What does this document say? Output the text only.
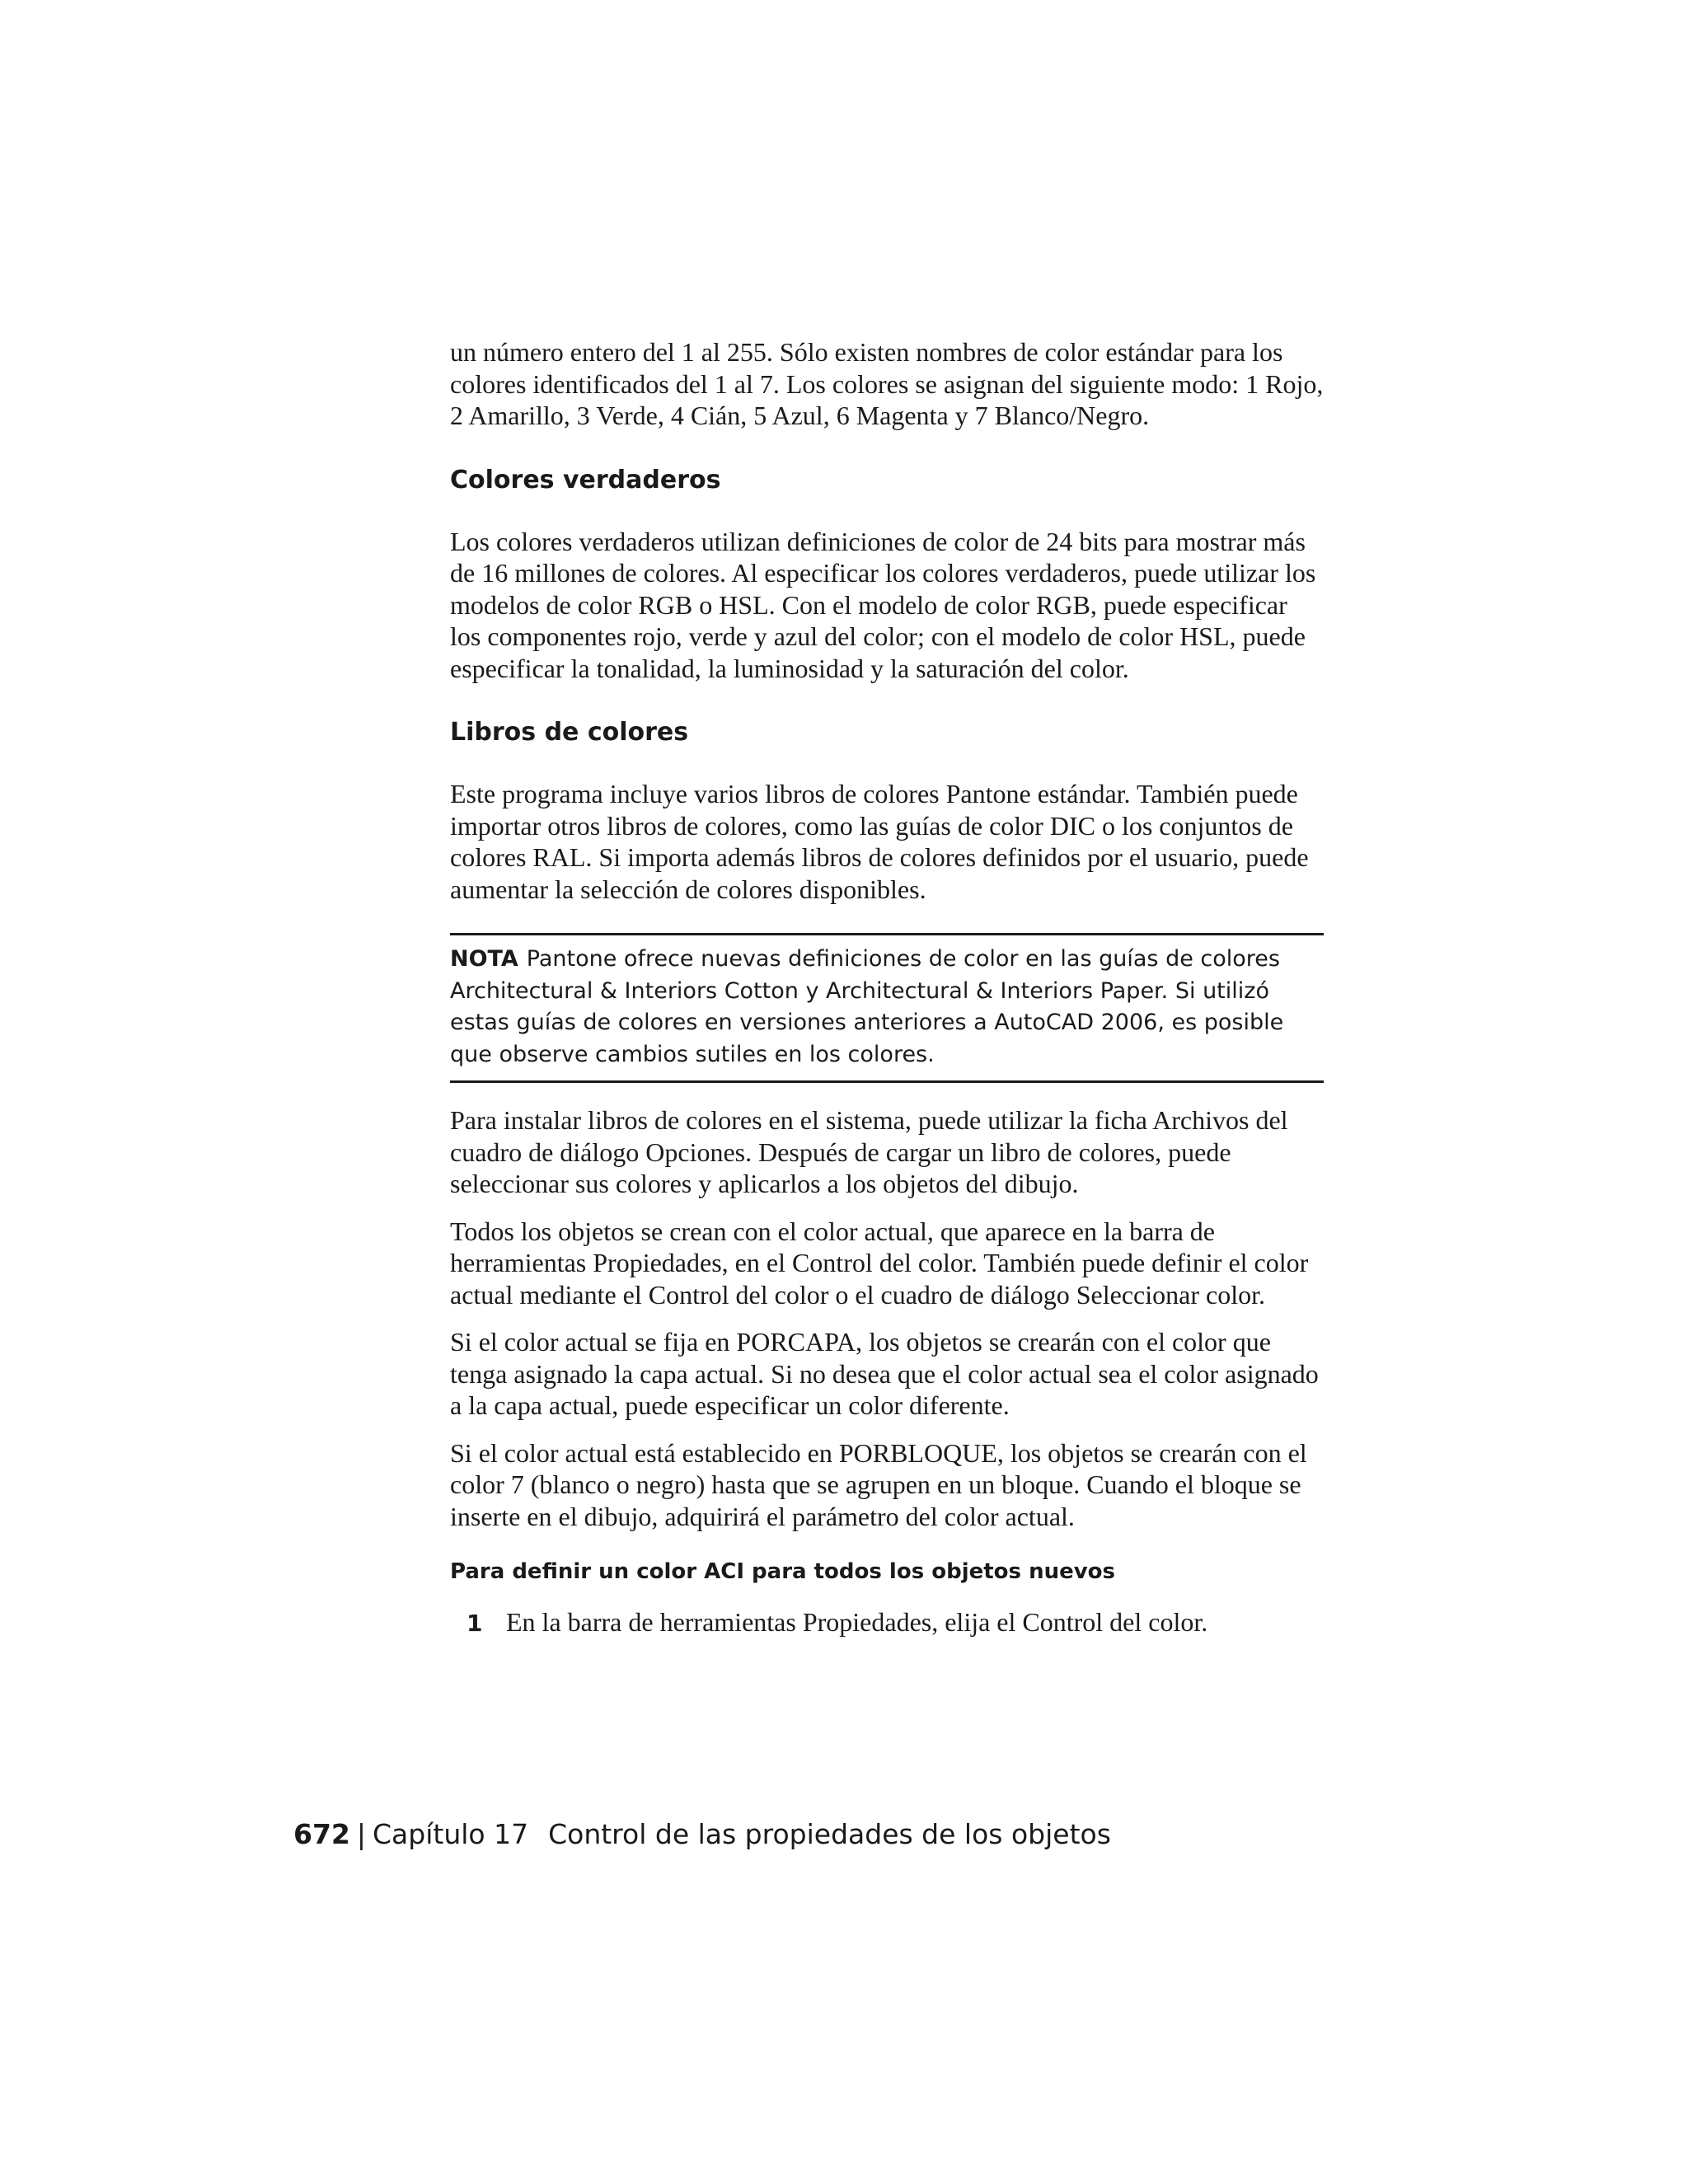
un número entero del 1 al 255. Sólo existen nombres de color estándar para los colores identificados del 1 al 7. Los colores se asignan del siguiente modo: 1 Rojo, 2 Amarillo, 3 Verde, 4 Cián, 5 Azul, 6 Magenta y 7 Blanco/Negro.

Colores verdaderos

Los colores verdaderos utilizan definiciones de color de 24 bits para mostrar más de 16 millones de colores. Al especificar los colores verdaderos, puede utilizar los modelos de color RGB o HSL. Con el modelo de color RGB, puede especificar los componentes rojo, verde y azul del color; con el modelo de color HSL, puede especificar la tonalidad, la luminosidad y la saturación del color.

Libros de colores

Este programa incluye varios libros de colores Pantone estándar. También puede importar otros libros de colores, como las guías de color DIC o los conjuntos de colores RAL. Si importa además libros de colores definidos por el usuario, puede aumentar la selección de colores disponibles.

NOTA Pantone ofrece nuevas definiciones de color en las guías de colores Architectural & Interiors Cotton y Architectural & Interiors Paper. Si utilizó estas guías de colores en versiones anteriores a AutoCAD 2006, es posible que observe cambios sutiles en los colores.

Para instalar libros de colores en el sistema, puede utilizar la ficha Archivos del cuadro de diálogo Opciones. Después de cargar un libro de colores, puede seleccionar sus colores y aplicarlos a los objetos del dibujo.

Todos los objetos se crean con el color actual, que aparece en la barra de herramientas Propiedades, en el Control del color. También puede definir el color actual mediante el Control del color o el cuadro de diálogo Seleccionar color.

Si el color actual se fija en PORCAPA, los objetos se crearán con el color que tenga asignado la capa actual. Si no desea que el color actual sea el color asignado a la capa actual, puede especificar un color diferente.

Si el color actual está establecido en PORBLOQUE, los objetos se crearán con el color 7 (blanco o negro) hasta que se agrupen en un bloque. Cuando el bloque se inserte en el dibujo, adquirirá el parámetro del color actual.

Para definir un color ACI para todos los objetos nuevos
1 En la barra de herramientas Propiedades, elija el Control del color.
672 | Capítulo 17 Control de las propiedades de los objetos
